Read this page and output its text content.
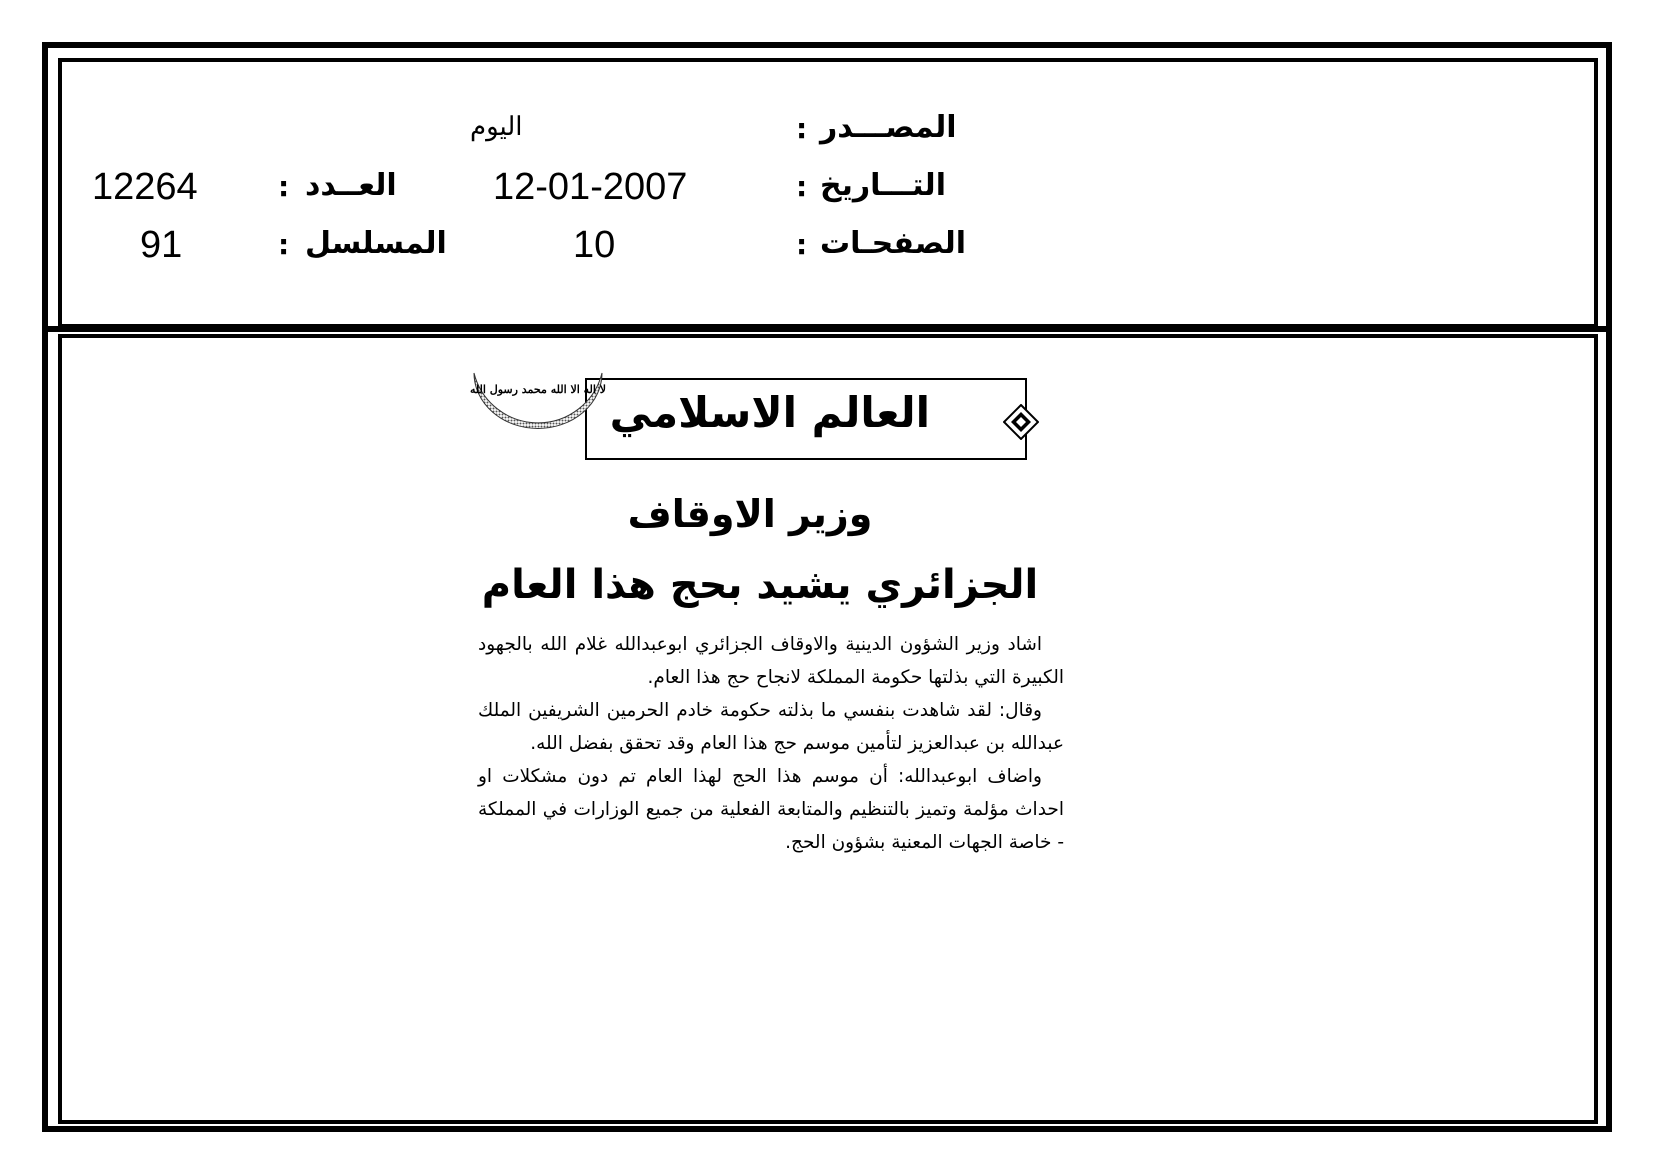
المصـــدر
:
اليوم
التـــاريخ
:
12-01-2007
الصفحـات
:
10
العــدد
:
12264
المسلسل
:
91
العالم الاسلامي
لا اله الا الله محمد رسول الله
وزير الاوقاف
الجزائري يشيد بحج هذا العام

اشاد وزير الشؤون الدينية والاوقاف الجزائري ابوعبدالله غلام الله بالجهود الكبيرة التي بذلتها حكومة المملكة لانجاح حج هذا العام.

وقال: لقد شاهدت بنفسي ما بذلته حكومة خادم الحرمين الشريفين الملك عبدالله بن عبدالعزيز لتأمين موسم حج هذا العام وقد تحقق بفضل الله.

واضاف ابوعبدالله: أن موسم هذا الحج لهذا العام تم دون مشكلات او احداث مؤلمة وتميز بالتنظيم والمتابعة الفعلية من جميع الوزارات في المملكة - خاصة الجهات المعنية بشؤون الحج.
